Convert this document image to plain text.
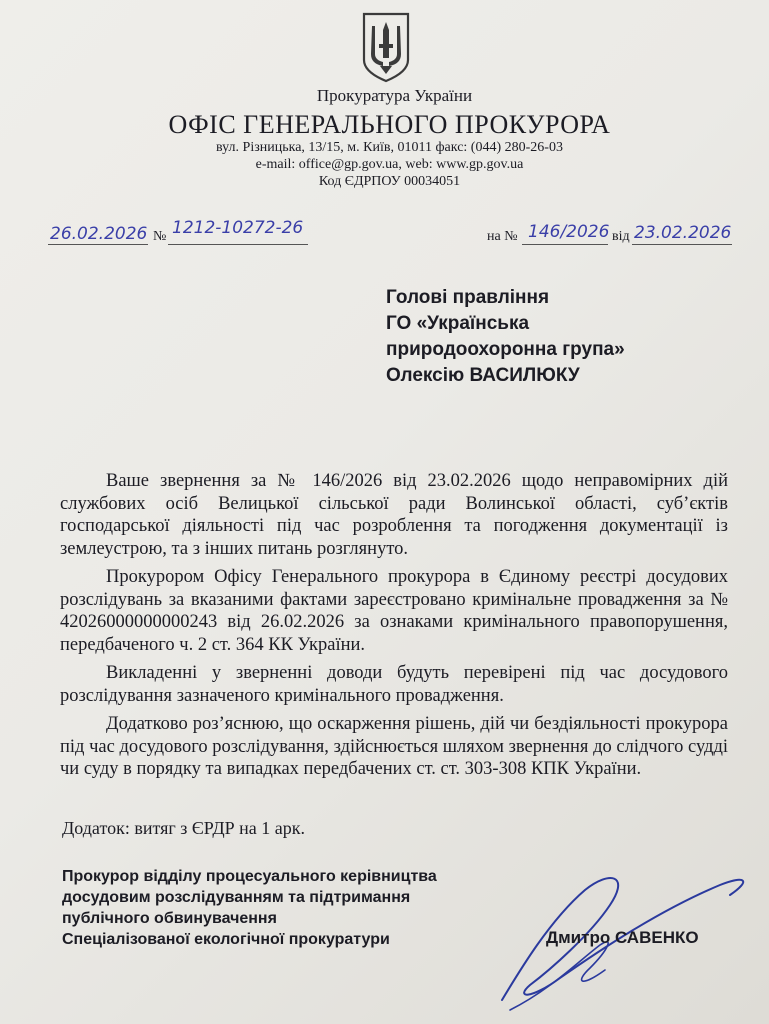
Прокуратура України
ОФІС ГЕНЕРАЛЬНОГО ПРОКУРОРА
вул. Різницька, 13/15, м. Київ, 01011 факс: (044) 280-26-03
e-mail: office@gp.gov.ua, web: www.gp.gov.ua
Код ЄДРПОУ 00034051
26.02.2026 № 1212-10272-26	на № 146/2026 від 23.02.2026
Голові правління
ГО «Українська
природоохоронна група»
Олексію ВАСИЛЮКУ

Ваше звернення за № 146/2026 від 23.02.2026 щодо неправомірних дій службових осіб Велицької сільської ради Волинської області, суб’єктів господарської діяльності під час розроблення та погодження документації із землеустрою, та з інших питань розглянуто.

Прокурором Офісу Генерального прокурора в Єдиному реєстрі досудових розслідувань за вказаними фактами зареєстровано кримінальне провадження за № 42026000000000243 від 26.02.2026 за ознаками кримінального правопорушення, передбаченого ч. 2 ст. 364 КК України.

Викладенні у зверненні доводи будуть перевірені під час досудового розслідування зазначеного кримінального провадження.

Додатково роз’яснюю, що оскарження рішень, дій чи бездіяльності прокурора під час досудового розслідування, здійснюється шляхом звернення до слідчого судді чи суду в порядку та випадках передбачених ст. ст. 303-308 КПК України.

Додаток: витяг з ЄРДР на 1 арк.
Прокурор відділу процесуального керівництва
досудовим розслідуванням та підтримання
публічного обвинувачення
Спеціалізованої екологічної прокуратури	Дмитро САВЕНКО
